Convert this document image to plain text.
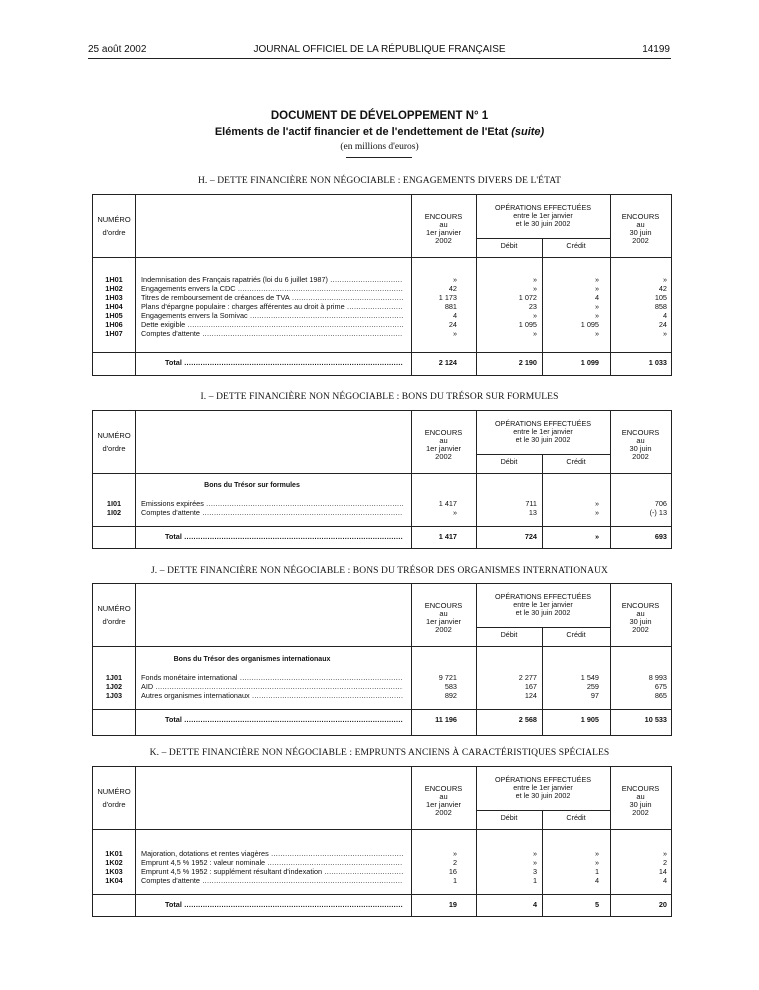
25 août 2002	JOURNAL OFFICIEL DE LA RÉPUBLIQUE FRANÇAISE	14199
DOCUMENT DE DÉVELOPPEMENT N° 1
Eléments de l'actif financier et de l'endettement de l'Etat (suite)
(en millions d'euros)
H. – DETTE FINANCIÈRE NON NÉGOCIABLE : ENGAGEMENTS DIVERS DE L'ÉTAT
NUMÉRO
d'ordre
ENCOURS
au
1er janvier
2002
OPÉRATIONS EFFECTUÉES
entre le 1er janvier
et le 30 juin 2002
Débit	Crédit
ENCOURS
au
30 juin
2002
1H01	Indemnisation des Français rapatriés (loi du 6 juillet 1987) .....	»	»	»	»
1H02	Engagements envers la CDC .....	42	»	»	42
1H03	Titres de remboursement de créances de TVA .....	1 173	1 072	4	105
1H04	Plans d'épargne populaire : charges afférentes au droit à prime .....	881	23	»	858
1H05	Engagements envers la Somivac .....	4	»	»	4
1H06	Dette exigible .....	24	1 095	1 095	24
1H07	Comptes d'attente .....	»	»	»	»
Total .....	2 124	2 190	1 099	1 033
I. – DETTE FINANCIÈRE NON NÉGOCIABLE : BONS DU TRÉSOR SUR FORMULES
NUMÉRO
d'ordre
ENCOURS
au
1er janvier
2002
OPÉRATIONS EFFECTUÉES
entre le 1er janvier
et le 30 juin 2002
Débit	Crédit
ENCOURS
au
30 juin
2002
Bons du Trésor sur formules
1I01	Emissions expirées .....	1 417	711	»	706
1I02	Comptes d'attente .....	»	13	»	(-) 13
Total .....	1 417	724	»	693
J. – DETTE FINANCIÈRE NON NÉGOCIABLE : BONS DU TRÉSOR DES ORGANISMES INTERNATIONAUX
NUMÉRO
d'ordre
ENCOURS
au
1er janvier
2002
OPÉRATIONS EFFECTUÉES
entre le 1er janvier
et le 30 juin 2002
Débit	Crédit
ENCOURS
au
30 juin
2002
Bons du Trésor des organismes internationaux
1J01	Fonds monétaire international .....	9 721	2 277	1 549	8 993
1J02	AID .....	583	167	259	675
1J03	Autres organismes internationaux .....	892	124	97	865
Total .....	11 196	2 568	1 905	10 533
K. – DETTE FINANCIÈRE NON NÉGOCIABLE : EMPRUNTS ANCIENS À CARACTÉRISTIQUES SPÉCIALES
NUMÉRO
d'ordre
ENCOURS
au
1er janvier
2002
OPÉRATIONS EFFECTUÉES
entre le 1er janvier
et le 30 juin 2002
Débit	Crédit
ENCOURS
au
30 juin
2002
1K01	Majoration, dotations et rentes viagères .....	»	»	»	»
1K02	Emprunt 4,5 % 1952 : valeur nominale .....	2	»	»	2
1K03	Emprunt 4,5 % 1952 : supplément résultant d'indexation .....	16	3	1	14
1K04	Comptes d'attente .....	1	1	4	4
Total .....	19	4	5	20
